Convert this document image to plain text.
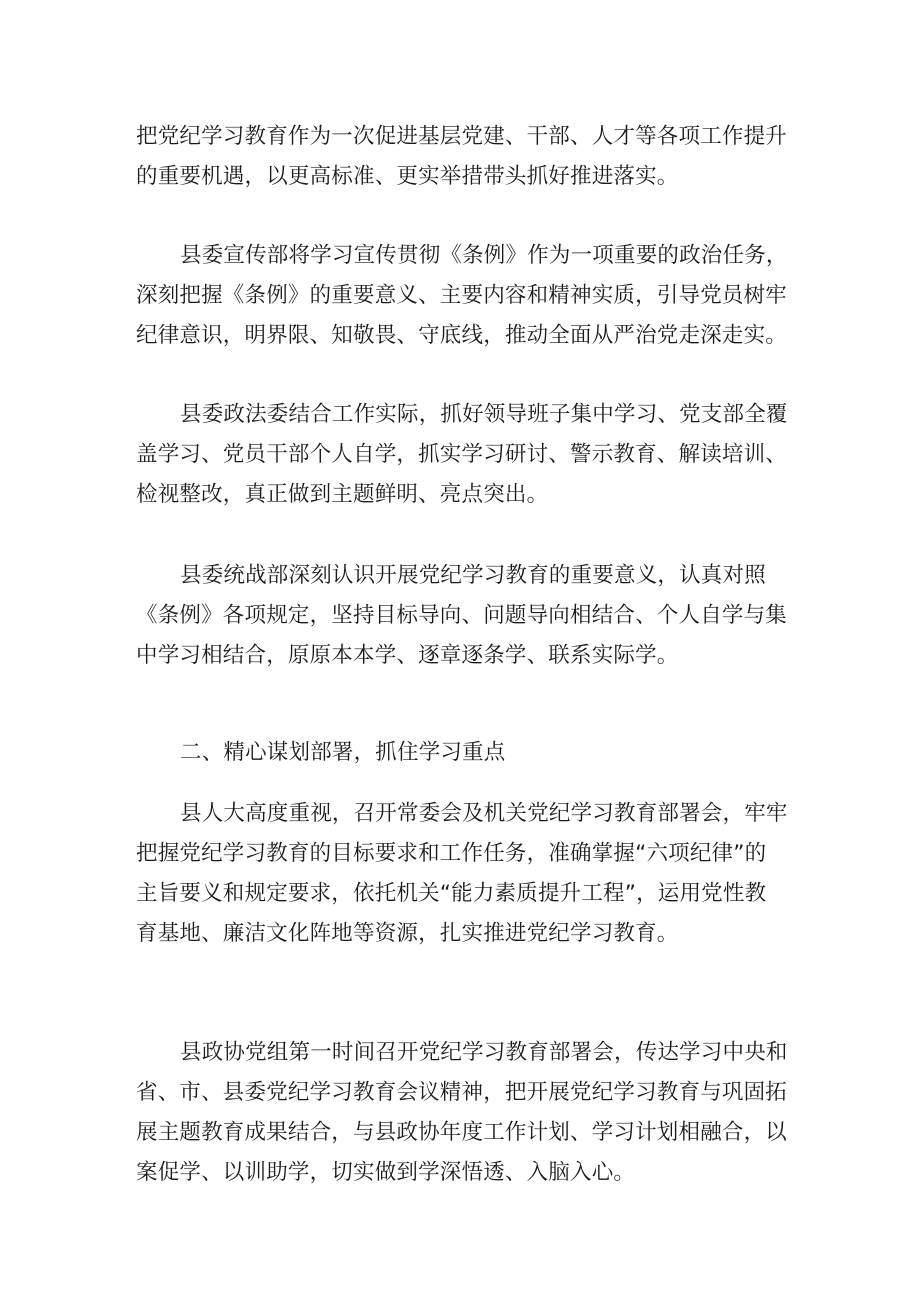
把党纪学习教育作为一次促进基层党建、干部、人才等各项工作提升
的重要机遇，以更高标准、更实举措带头抓好推进落实。
县委宣传部将学习宣传贯彻《条例》作为一项重要的政治任务，
深刻把握《条例》的重要意义、主要内容和精神实质，引导党员树牢
纪律意识，明界限、知敬畏、守底线，推动全面从严治党走深走实。
县委政法委结合工作实际，抓好领导班子集中学习、党支部全覆
盖学习、党员干部个人自学，抓实学习研讨、警示教育、解读培训、
检视整改，真正做到主题鲜明、亮点突出。
县委统战部深刻认识开展党纪学习教育的重要意义，认真对照
《条例》各项规定，坚持目标导向、问题导向相结合、个人自学与集
中学习相结合，原原本本学、逐章逐条学、联系实际学。
二、精心谋划部署，抓住学习重点
县人大高度重视，召开常委会及机关党纪学习教育部署会，牢牢
把握党纪学习教育的目标要求和工作任务，准确掌握“六项纪律”的
主旨要义和规定要求，依托机关“能力素质提升工程”，运用党性教
育基地、廉洁文化阵地等资源，扎实推进党纪学习教育。
县政协党组第一时间召开党纪学习教育部署会，传达学习中央和
省、市、县委党纪学习教育会议精神，把开展党纪学习教育与巩固拓
展主题教育成果结合，与县政协年度工作计划、学习计划相融合，以
案促学、以训助学，切实做到学深悟透、入脑入心。
